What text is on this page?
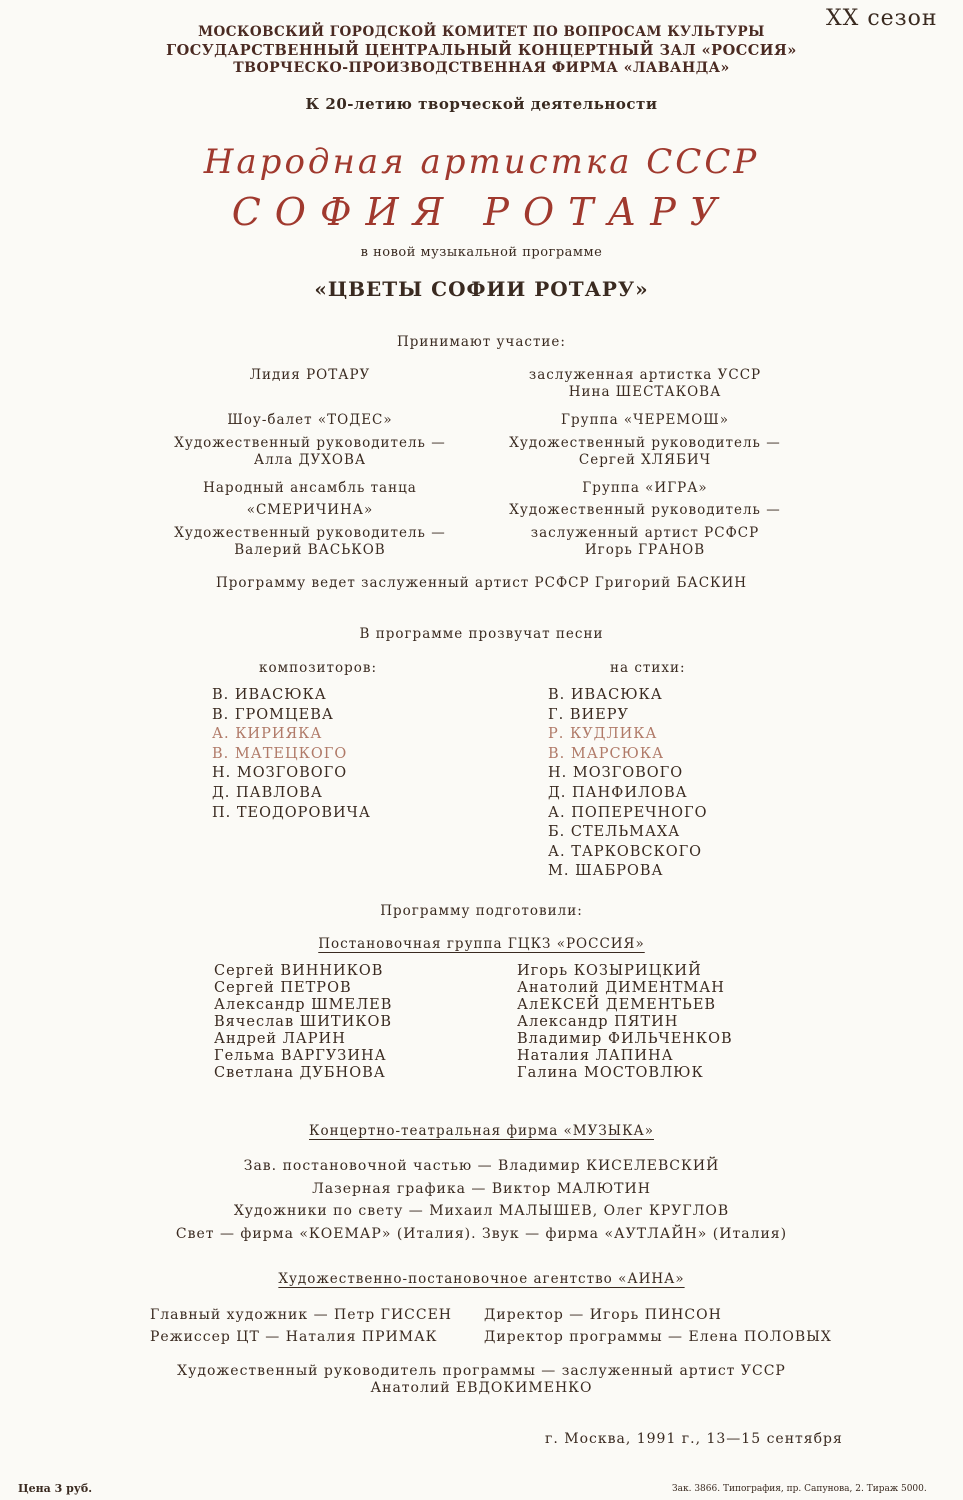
XX сезон
МОСКОВСКИЙ ГОРОДСКОЙ КОМИТЕТ ПО ВОПРОСАМ КУЛЬТУРЫ
ГОСУДАРСТВЕННЫЙ ЦЕНТРАЛЬНЫЙ КОНЦЕРТНЫЙ ЗАЛ «РОССИЯ»
ТВОРЧЕСКО-ПРОИЗВОДСТВЕННАЯ ФИРМА «ЛАВАНДА»
К 20-летию творческой деятельности
Народная артистка СССР
СОФИЯ РОТАРУ
в новой музыкальной программе
«ЦВЕТЫ СОФИИ РОТАРУ»
Принимают участие:
Лидия РОТАРУ
Шоу-балет «ТОДЕС»
Художественный руководитель —
Алла ДУХОВА
Народный ансамбль танца
«СМЕРИЧИНА»
Художественный руководитель —
Валерий ВАСЬКОВ
заслуженная артистка УССР
Нина ШЕСТАКОВА
Группа «ЧЕРЕМОШ»
Художественный руководитель —
Сергей ХЛЯБИЧ
Группа «ИГРА»
Художественный руководитель —
заслуженный артист РСФСР
Игорь ГРАНОВ
Программу ведет заслуженный артист РСФСР Григорий БАСКИН
В программе прозвучат песни
композиторов:	на стихи:
В. ИВАСЮКА
В. ГРОМЦЕВА
А. КИРИЯКА
В. МАТЕЦКОГО
Н. МОЗГОВОГО
Д. ПАВЛОВА
П. ТЕОДОРОВИЧА
В. ИВАСЮКА
Г. ВИЕРУ
Р. КУДЛИКА
В. МАРСЮКА
Н. МОЗГОВОГО
Д. ПАНФИЛОВА
А. ПОПЕРЕЧНОГО
Б. СТЕЛЬМАХА
А. ТАРКОВСКОГО
М. ШАБРОВА
Программу подготовили:
Постановочная группа ГЦКЗ «РОССИЯ»
Сергей ВИННИКОВ
Сергей ПЕТРОВ
Александр ШМЕЛЕВ
Вячеслав ШИТИКОВ
Андрей ЛАРИН
Гельма ВАРГУЗИНА
Светлана ДУБНОВА
Игорь КОЗЫРИЦКИЙ
Анатолий ДИМЕНТМАН
АлЕКСЕЙ ДЕМЕНТЬЕВ
Александр ПЯТИН
Владимир ФИЛЬЧЕНКОВ
Наталия ЛАПИНА
Галина МОСТОВЛЮК
Концертно-театральная фирма «МУЗЫКА»
Зав. постановочной частью — Владимир КИСЕЛЕВСКИЙ
Лазерная графика — Виктор МАЛЮТИН
Художники по свету — Михаил МАЛЫШЕВ, Олег КРУГЛОВ
Свет — фирма «КОЕМАР» (Италия). Звук — фирма «АУТЛАЙН» (Италия)
Художественно-постановочное агентство «АИНА»
Главный художник — Петр ГИССЕН
Режиссер ЦТ — Наталия ПРИМАК
Директор — Игорь ПИНСОН
Директор программы — Елена ПОЛОВЫХ
Художественный руководитель программы — заслуженный артист УССР
Анатолий ЕВДОКИМЕНКО
г. Москва, 1991 г., 13—15 сентября
Цена 3 руб.	Зак. 3866. Типография, пр. Сапунова, 2. Тираж 5000.
